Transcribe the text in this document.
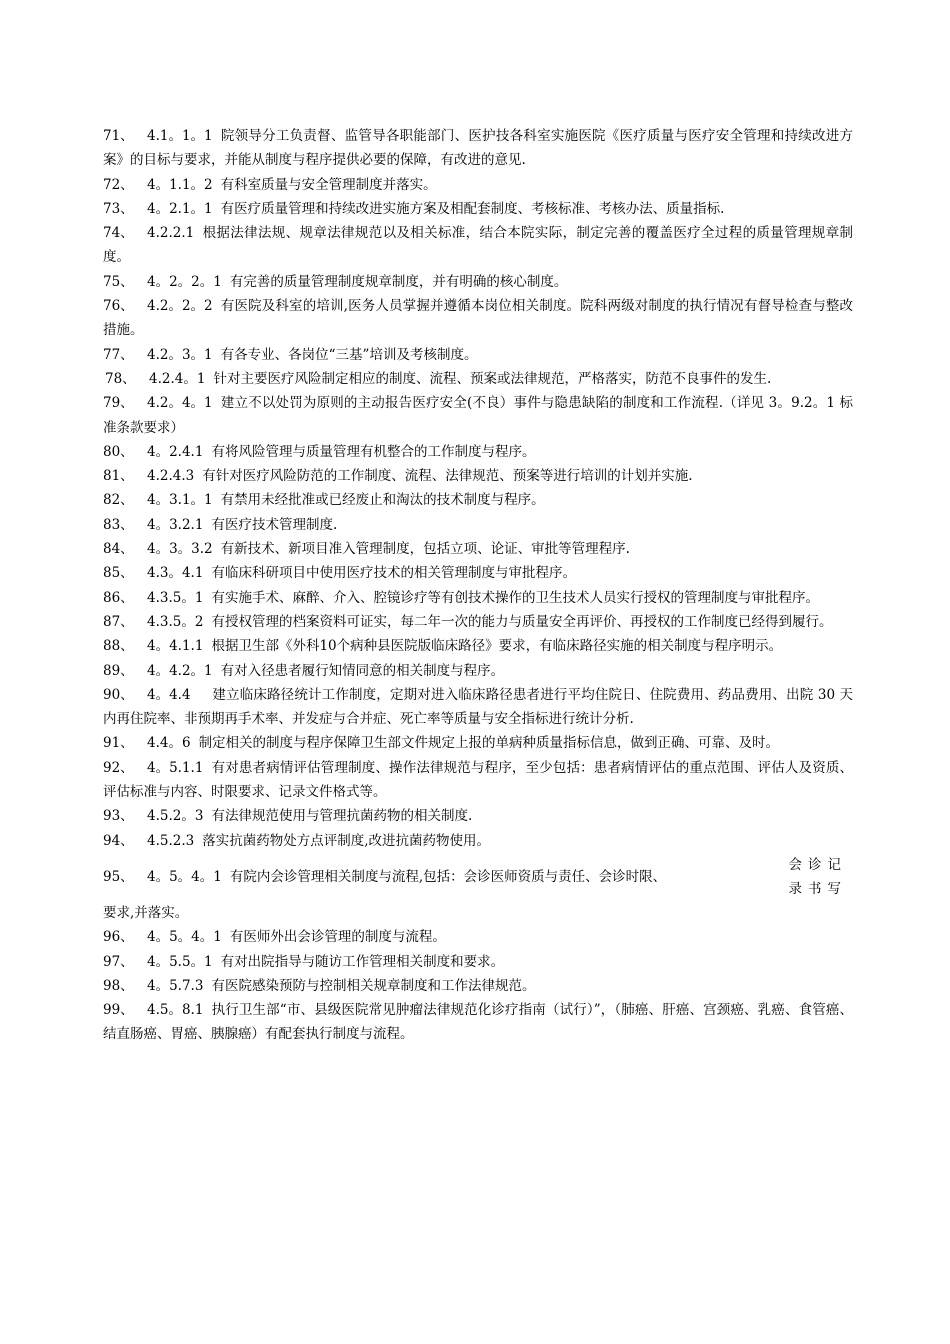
71、 4.1。1。1 院领导分工负责督、监管导各职能部门、医护技各科室实施医院《医疗质量与医疗安全管理和持续改进方案》的目标与要求，并能从制度与程序提供必要的保障，有改进的意见.

72、 4。1.1。2 有科室质量与安全管理制度并落实。

73、 4。2.1。1 有医疗质量管理和持续改进实施方案及相配套制度、考核标准、考核办法、质量指标.

74、 4.2.2.1 根据法律法规、规章法律规范以及相关标准，结合本院实际，制定完善的覆盖医疗全过程的质量管理规章制度。

75、 4。2。2。1 有完善的质量管理制度规章制度，并有明确的核心制度。

76、 4.2。2。2 有医院及科室的培训,医务人员掌握并遵循本岗位相关制度。院科两级对制度的执行情况有督导检查与整改措施。

77、 4.2。3。1 有各专业、各岗位“三基”培训及考核制度。

78、 4.2.4。1 针对主要医疗风险制定相应的制度、流程、预案或法律规范，严格落实，防范不良事件的发生.

79、 4.2。4。1 建立不以处罚为原则的主动报告医疗安全(不良）事件与隐患缺陷的制度和工作流程.（详见 3。9.2。1 标准条款要求）

80、 4。2.4.1 有将风险管理与质量管理有机整合的工作制度与程序。

81、 4.2.4.3 有针对医疗风险防范的工作制度、流程、法律规范、预案等进行培训的计划并实施.

82、 4。3.1。1 有禁用未经批准或已经废止和淘汰的技术制度与程序。

83、 4。3.2.1 有医疗技术管理制度.

84、 4。3。3.2 有新技术、新项目准入管理制度，包括立项、论证、审批等管理程序.

85、 4.3。4.1 有临床科研项目中使用医疗技术的相关管理制度与审批程序。

86、 4.3.5。1 有实施手术、麻醉、介入、腔镜诊疗等有创技术操作的卫生技术人员实行授权的管理制度与审批程序。

87、 4.3.5。2 有授权管理的档案资料可证实，每二年一次的能力与质量安全再评价、再授权的工作制度已经得到履行。

88、 4。4.1.1 根据卫生部《外科10个病种县医院版临床路径》要求，有临床路径实施的相关制度与程序明示。

89、 4。4.2。1 有对入径患者履行知情同意的相关制度与程序。

90、 4。4.4　建立临床路径统计工作制度，定期对进入临床路径患者进行平均住院日、住院费用、药品费用、出院 30 天内再住院率、非预期再手术率、并发症与合并症、死亡率等质量与安全指标进行统计分析.

91、 4.4。6 制定相关的制度与程序保障卫生部文件规定上报的单病种质量指标信息，做到正确、可靠、及时。

92、 4。5.1.1 有对患者病情评估管理制度、操作法律规范与程序，至少包括：患者病情评估的重点范围、评估人及资质、评估标准与内容、时限要求、记录文件格式等。

93、 4.5.2。3 有法律规范使用与管理抗菌药物的相关制度.

94、 4.5.2.3 落实抗菌药物处方点评制度,改进抗菌药物使用。

95、 4。5。4。1 有院内会诊管理相关制度与流程,包括：会诊医师资质与责任、会诊时限、
会诊记录书写

要求,并落实。

96、 4。5。4。1 有医师外出会诊管理的制度与流程。

97、 4。5.5。1 有对出院指导与随访工作管理相关制度和要求。

98、 4。5.7.3 有医院感染预防与控制相关规章制度和工作法律规范。

99、 4.5。8.1 执行卫生部“市、县级医院常见肿瘤法律规范化诊疗指南（试行）”，（肺癌、肝癌、宫颈癌、乳癌、食管癌、结直肠癌、胃癌、胰腺癌）有配套执行制度与流程。
